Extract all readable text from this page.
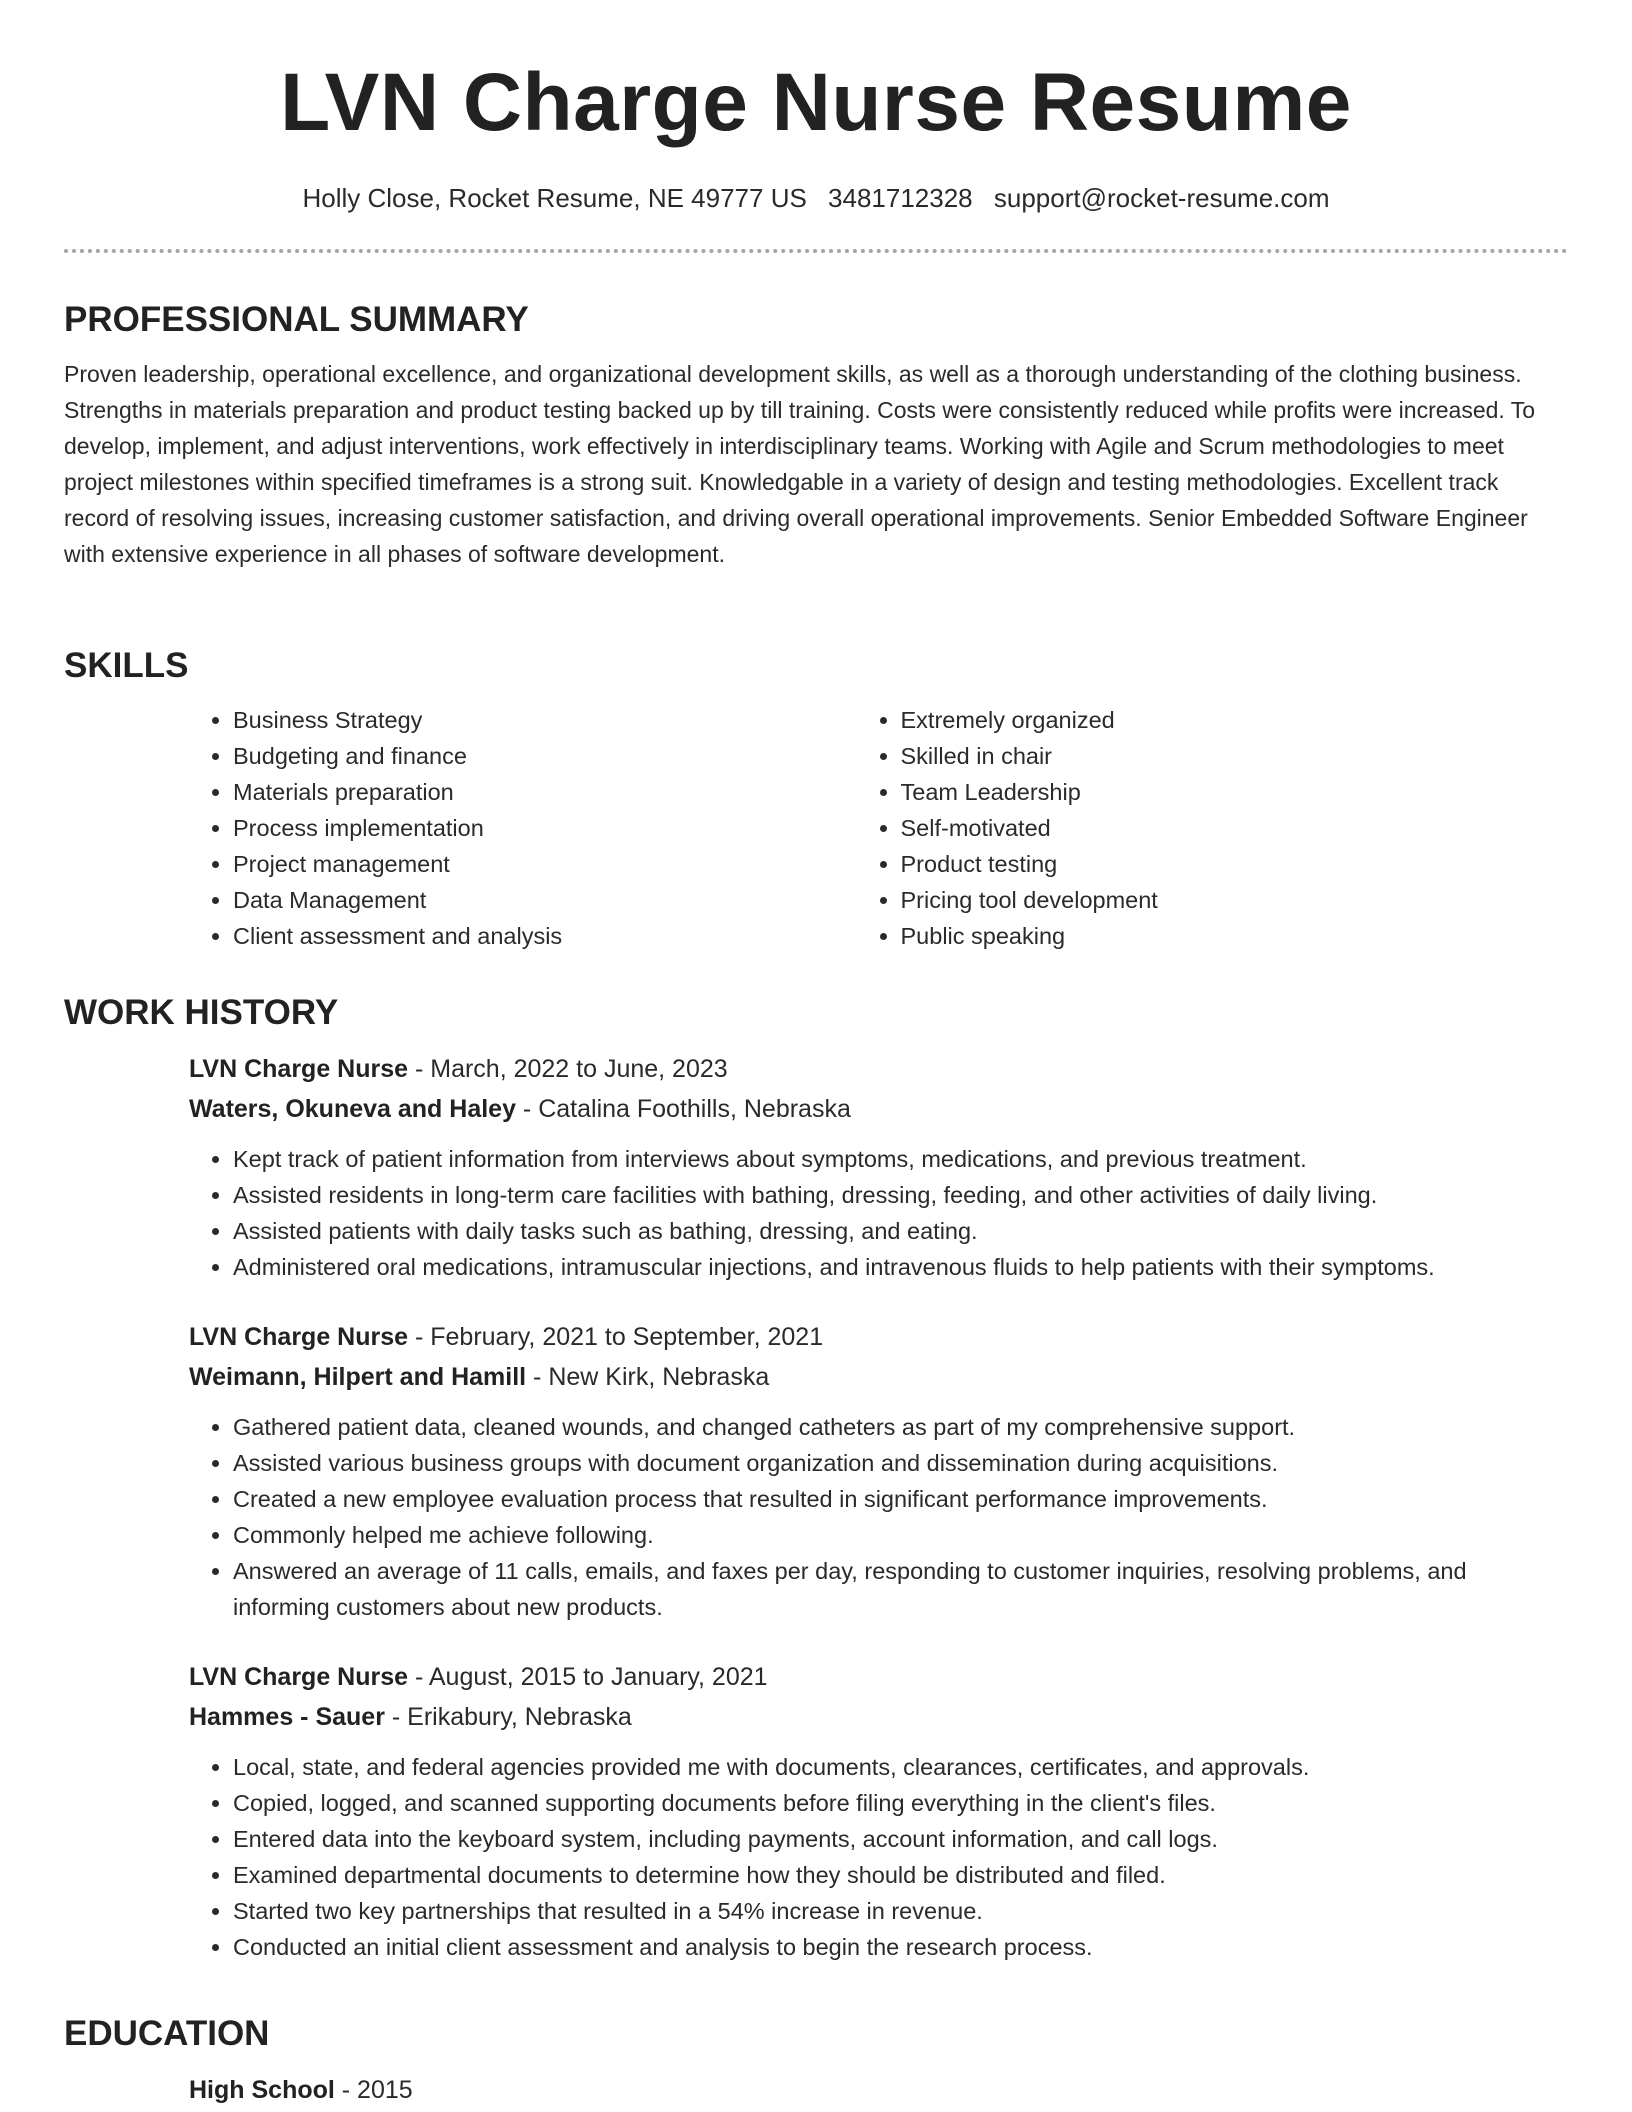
LVN Charge Nurse Resume
Holly Close, Rocket Resume, NE 49777 US 3481712328 support@rocket-resume.com
PROFESSIONAL SUMMARY

Proven leadership, operational excellence, and organizational development skills, as well as a thorough understanding of the clothing business. Strengths in materials preparation and product testing backed up by till training. Costs were consistently reduced while profits were increased. To develop, implement, and adjust interventions, work effectively in interdisciplinary teams. Working with Agile and Scrum methodologies to meet project milestones within specified timeframes is a strong suit. Knowledgable in a variety of design and testing methodologies. Excellent track record of resolving issues, increasing customer satisfaction, and driving overall operational improvements. Senior Embedded Software Engineer with extensive experience in all phases of software development.

SKILLS
• Business Strategy
• Budgeting and finance
• Materials preparation
• Process implementation
• Project management
• Data Management
• Client assessment and analysis
• Extremely organized
• Skilled in chair
• Team Leadership
• Self-motivated
• Product testing
• Pricing tool development
• Public speaking
WORK HISTORY
LVN Charge Nurse - March, 2022 to June, 2023
Waters, Okuneva and Haley - Catalina Foothills, Nebraska
• Kept track of patient information from interviews about symptoms, medications, and previous treatment.
• Assisted residents in long-term care facilities with bathing, dressing, feeding, and other activities of daily living.
• Assisted patients with daily tasks such as bathing, dressing, and eating.
• Administered oral medications, intramuscular injections, and intravenous fluids to help patients with their symptoms.
LVN Charge Nurse - February, 2021 to September, 2021
Weimann, Hilpert and Hamill - New Kirk, Nebraska
• Gathered patient data, cleaned wounds, and changed catheters as part of my comprehensive support.
• Assisted various business groups with document organization and dissemination during acquisitions.
• Created a new employee evaluation process that resulted in significant performance improvements.
• Commonly helped me achieve following.
• Answered an average of 11 calls, emails, and faxes per day, responding to customer inquiries, resolving problems, and informing customers about new products.
LVN Charge Nurse - August, 2015 to January, 2021
Hammes - Sauer - Erikabury, Nebraska
• Local, state, and federal agencies provided me with documents, clearances, certificates, and approvals.
• Copied, logged, and scanned supporting documents before filing everything in the client's files.
• Entered data into the keyboard system, including payments, account information, and call logs.
• Examined departmental documents to determine how they should be distributed and filed.
• Started two key partnerships that resulted in a 54% increase in revenue.
• Conducted an initial client assessment and analysis to begin the research process.
EDUCATION
High School - 2015
